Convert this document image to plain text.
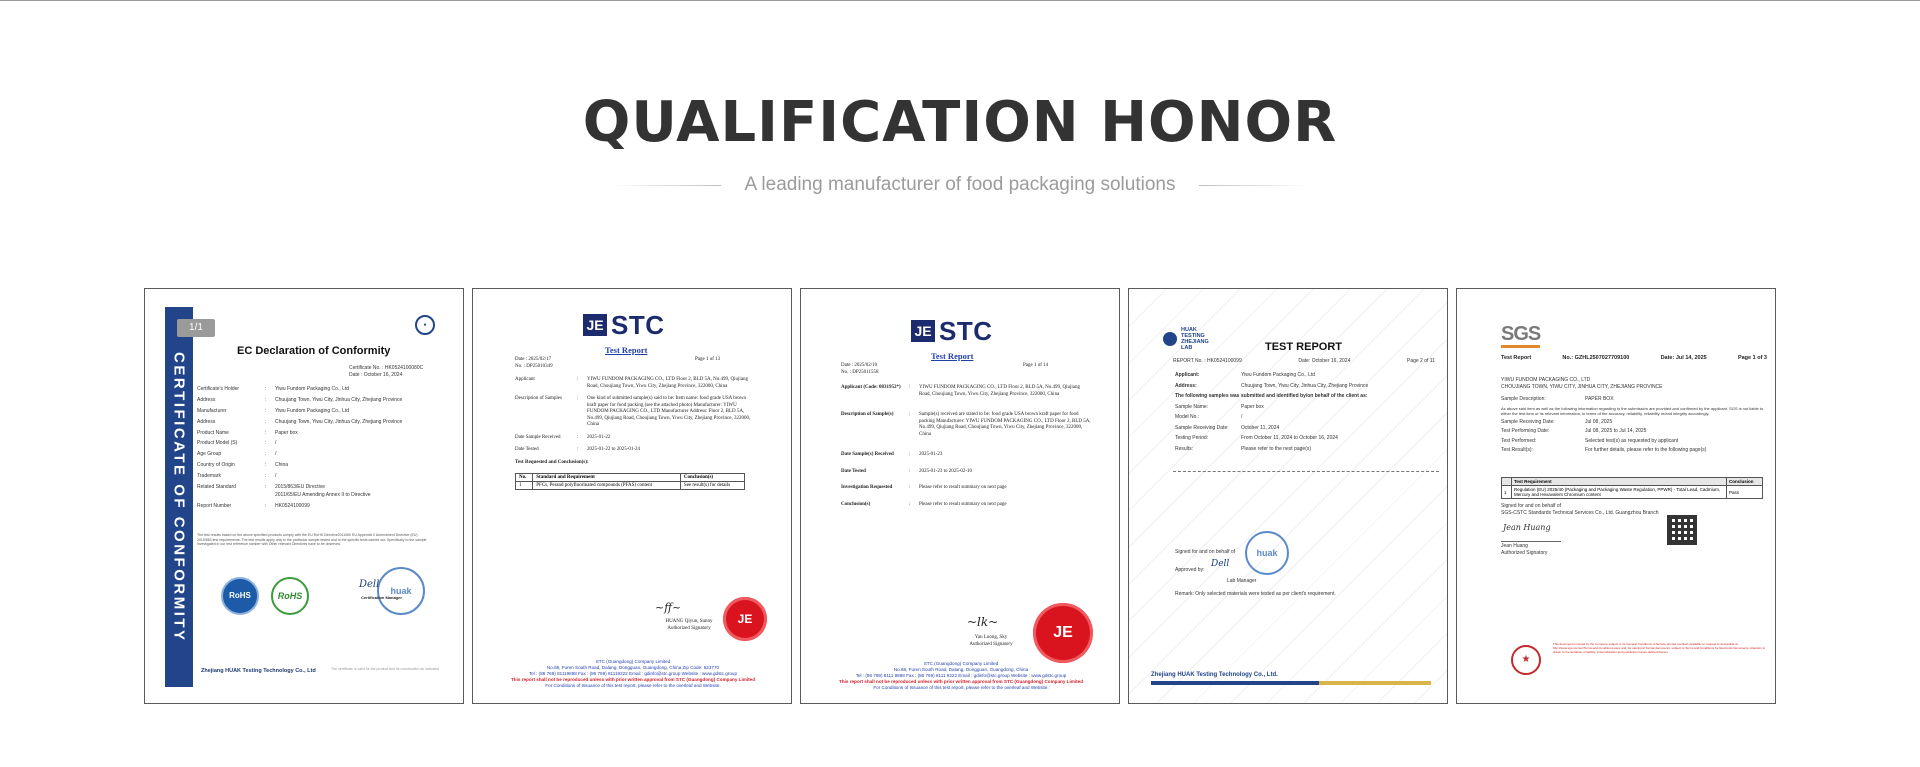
QUALIFICATION HONOR
A leading manufacturer of food packaging solutions
CERTIFICATE OF CONFORMITY
1/1	●
EC Declaration of Conformity
Certificate No. : HK0524100080C
Date : October 16, 2024
Certificate's Holder	:	Yiwu Fundom Packaging Co., Ltd
Address	:	Chuujang Town, Yiwu City, Jinhua City, Zhejiang Province
Manufacturer	:	Yiwu Fundom Packaging Co., Ltd
Address	:	Chuujang Town, Yiwu City, Jinhua City, Zhejiang Province
Product Name	:	Paper box
Product Model (S)	:	/
Age Group	:	/
Country of Origin	:	China
Trademark	:	/
Related Standard	:	2015/863/EU Directive
2011/65/EU Amending Annex II to Directive
Report Number	:	HK0524100099
The test results based on the above specified products comply with the EU RoHS Directive2011/65/ EU Appendix II Amendment Directive (EU) 2015/863 test requirements. The test results apply only to the particular sample tested and to the specific tests carried out. Specifically to the sample investigated in our test reference number with Other relevant Directives have to be observed.
RoHS	RoHS	huak
Dell
Certification Manager
Zhejiang HUAK Testing Technology Co., Ltd	The certificate is valid for the product and its construction as indicated
JE STC
Test Report
Date : 2025/02/17
No. : DP25010349
Page 1 of 13
Applicant	:	YIWU FUNDOM PACKAGING CO., LTD Floor 2, BLD 5A, No.499, Qiujiang Road, Choujiang Town, Yiwu City, Zhejiang Province, 322000, China
Description of Samples	:	One kind of submitted sample(s) said to be: Item name: food grade USA brown kraft paper for food packing (see the attached photo) Manufacturer: YIWU FUNDOM PACKAGING CO., LTD Manufacturer Address: Floor 2, BLD 5A, No.499, Qiujiang Road, Choujiang Town, Yiwu City, Zhejiang Province, 322000, China
Date Sample Received	:	2025-01-22
Date Tested	:	2025-01-22 to 2025-01-24
Test Requested and Conclusion(s):
No.	Standard and Requirement	Conclusion(s)
1	PFCs, Perand polyfluorinated compounds (PFAS) content	See result(s) for details
~ff~
HUANG Qiyun, Sunny
Authorized Signatory
JE
STC (Guangdong) Company Limited
No.68, Furen South Road, Dalang, Dongguan, Guangdong, China Zip Code: 523770
Tel : (86 769) 81119888 Fax : (86 769) 81119222 Email : gdinfo@stc.group Website : www.gdstc.group
This report shall not be reproduced unless with prior written approval from STC (Guangdong) Company Limited
For Conditions of Issuance of this test report, please refer to the overleaf and Website.
JE STC
Test Report
Date : 2025/02/10
No. : DP25011558
Page 1 of 14
Applicant (Code: 0831952*)	:	YIWU FUNDOM PACKAGING CO., LTD Floor 2, BLD 5A, No.499, Qiujiang Road, Choujiang Town, Yiwu City, Zhejiang Province, 322000, China
Description of Sample(s)	:	Sample(s) received are stated to be: food grade USA brown kraft paper for food packing Manufacturer: YIWU FUNDOM PACKAGING CO., LTD Floor 2, BLD 5A, No.499, Qiujiang Road, Choujiang Town, Yiwu City, Zhejiang Province, 322000, China
Date Sample(s) Received	:	2025-01-23
Date Tested	:	2025-01-23 to 2025-02-10
Investigation Requested	:	Please refer to result summary on next page
Conclusion(s)	:	Please refer to result summary on next page
~lk~
Yau Luong, Sky
Authorized Signatory
JE
STC (Guangdong) Company Limited
No.68, Furen South Road, Dalang, Dongguan, Guangdong, China
Tel : (86 769) 8111 9888 Fax : (86 769) 8111 9222 Email : gdinfo@stc.group Website : www.gdstc.group
This report shall not be reproduced unless with prior written approval from STC (Guangdong) Company Limited
For Conditions of Issuance of this test report, please refer to the overleaf and Website.
HUAK TESTING ZHEJIANG LAB	TEST REPORT
REPORT No. : HK0524100099	Date: October 16, 2024	Page 2 of 11
Applicant:	Yiwu Fundom Packaging Co., Ltd
Address:	Chuujang Town, Yiwu City, Jinhua City, Zhejiang Province
The following samples was submitted and identified by/on behalf of the client as:
Sample Name:	Paper box
Model No.:	/
Sample Receiving Date:	October 11, 2024
Testing Period:	From October 11, 2024 to October 16, 2024
Results:	Please refer to the next page(s)
Signed for and on behalf of	huak
Approved by:
Dell
Lab Manager
Remark: Only selected materials were tested as per client's requirement.
Zhejiang HUAK Testing Technology Co., Ltd.
SGS
Test Report	No.: GZHL2507027709100	Date: Jul 14, 2025	Page 1 of 3
YIWU FUNDOM PACKAGING CO., LTD
CHOUJIANG TOWN, YIWU CITY, JINHUA CITY, ZHEJIANG PROVINCE
Sample Description:	PAPER BOX
As above said item as well as the following information regarding to the submission are provided and confirmed by the applicant. SGS is not liable to either the test item or its relevant information, in terms of the accuracy, reliability, reliability or/and integrity accordingly.
Sample Receiving Date:	Jul 08, 2025
Test Performing Date:	Jul 08, 2025 to Jul 14, 2025
Test Performed:	Selected test(s) as requested by applicant
Test Result(s):	For further details, please refer to the following page(s)
	Test Requirement	Conclusion
1	Regulation (EU) 2025/40 (Packaging and Packaging Waste Regulation, PPWR) - Total Lead, Cadmium, Mercury and Hexavalent Chromium content	Pass
Signed for and on behalf of
SGS-CSTC Standards Technical Services Co., Ltd. Guangzhou Branch
Jean Huang
Jean Huang
Authorized Signatory
★
This document is issued by the Company subject to its General Conditions of Service printed overleaf, available on request or accessible at http://www.sgs.com/en/Terms-and-Conditions.aspx and, for electronic format documents, subject to Terms and Conditions for Electronic Documents. Attention is drawn to the limitation of liability, indemnification and jurisdiction issues defined therein.
